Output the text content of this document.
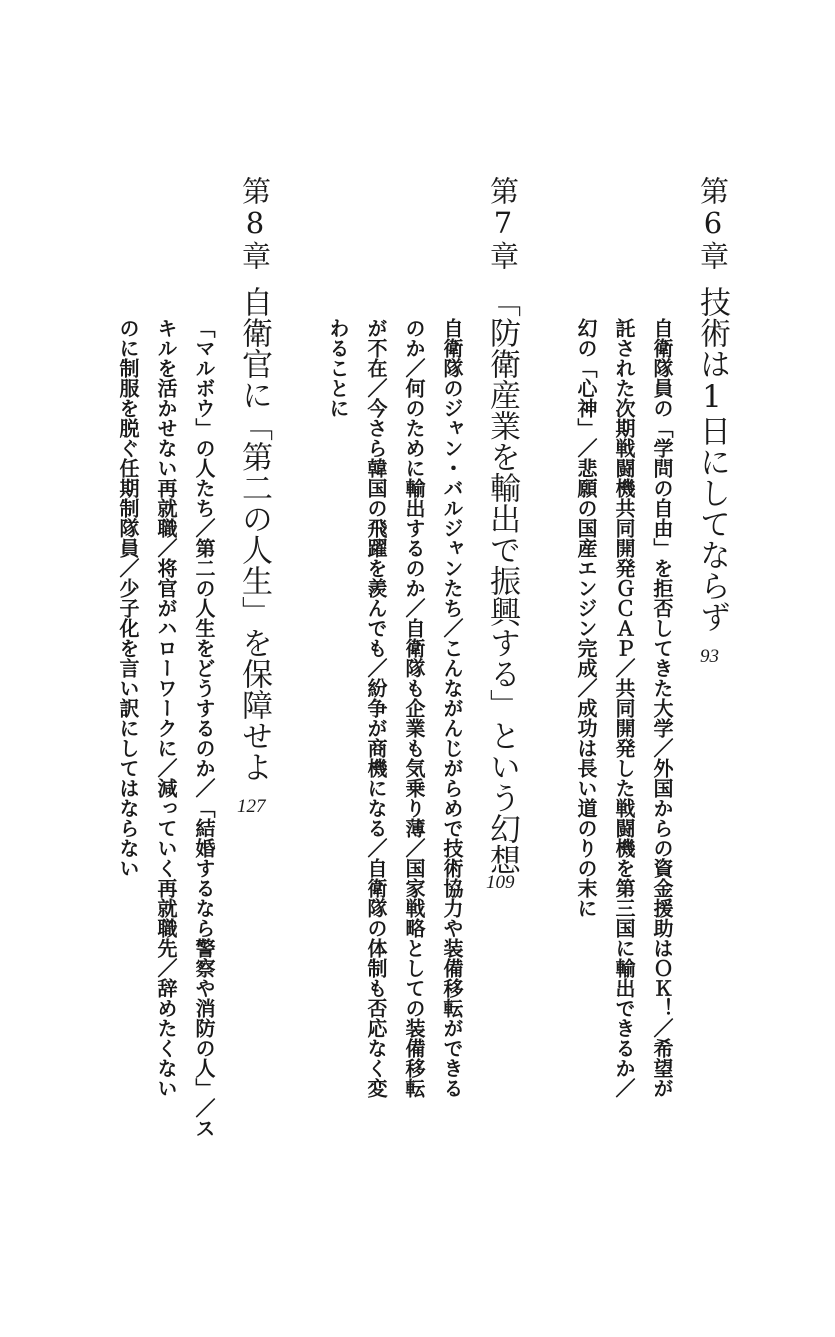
第6章
技術は1日にしてならず
93
自衛隊員の「学問の自由」を拒否してきた大学／外国からの資金援助はＯＫ！／希望が
託された次期戦闘機共同開発ＧＣＡＰ／共同開発した戦闘機を第三国に輸出できるか／
幻の「心神」／悲願の国産エンジン完成／成功は長い道のりの末に
第7章
「防衛産業を輸出で振興する」という幻想
109
自衛隊のジャン・バルジャンたち／こんながんじがらめで技術協力や装備移転ができる
のか／何のために輸出するのか／自衛隊も企業も気乗り薄／国家戦略としての装備移転
が不在／今さら韓国の飛躍を羨んでも／紛争が商機になる／自衛隊の体制も否応なく変
わることに
第8章
自衛官に「第二の人生」を保障せよ
127
「マルボウ」の人たち／第二の人生をどうするのか／「結婚するなら警察や消防の人」／ス
キルを活かせない再就職／将官がハローワークに／減っていく再就職先／辞めたくない
のに制服を脱ぐ任期制隊員／少子化を言い訳にしてはならない
